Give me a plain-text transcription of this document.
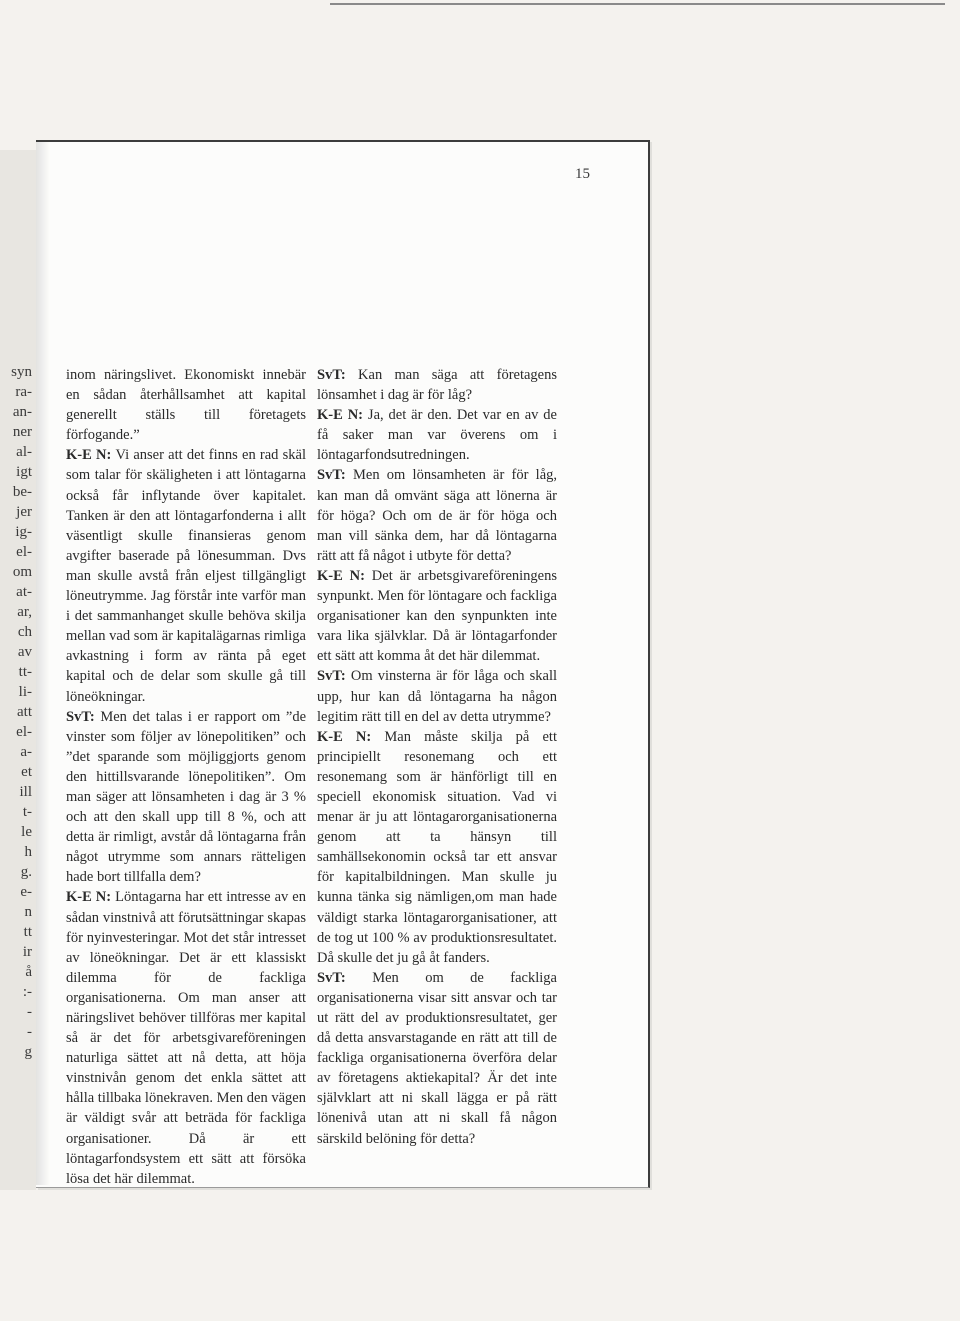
syn
ra-
an-
ner
al-
igt
be-
jer
ig-
el-
om
at-
ar,
ch
av
tt-
li-
att
el-
a-
et
ill
t-
le
h
g.
e-
n
tt
ir
å
:-
-
-
g
15

inom näringslivet. Ekonomiskt innebär en sådan återhållsamhet att kapital generellt ställs till företagets förfogande.”

K-E N: Vi anser att det finns en rad skäl som talar för skäligheten i att löntagarna också får inflytande över kapitalet. Tanken är den att löntagarfonderna i allt väsentligt skulle finansieras genom avgifter baserade på lönesumman. Dvs man skulle avstå från eljest tillgängligt löneutrymme. Jag förstår inte varför man i det sammanhanget skulle behöva skilja mellan vad som är kapitalägarnas rimliga avkastning i form av ränta på eget kapital och de delar som skulle gå till löneökningar.

SvT: Men det talas i er rapport om ”de vinster som följer av lönepolitiken” och ”det sparande som möjliggjorts genom den hittillsvarande lönepolitiken”. Om man säger att lönsamheten i dag är 3 % och att den skall upp till 8 %, och att detta är rimligt, avstår då löntagarna från något utrymme som annars rätteligen hade bort tillfalla dem?

K-E N: Löntagarna har ett intresse av en sådan vinstnivå att förutsättningar skapas för nyinvesteringar. Mot det står intresset av löneökningar. Det är ett klassiskt dilemma för de fackliga organisationerna. Om man anser att näringslivet behöver tillföras mer kapital så är det för arbetsgivareföreningen naturliga sättet att nå detta, att höja vinstnivån genom det enkla sättet att hålla tillbaka lönekraven. Men den vägen är väldigt svår att beträda för fackliga organisationer. Då är ett löntagarfondsystem ett sätt att försöka lösa det här dilemmat.

SvT: Kan man säga att företagens lönsamhet i dag är för låg?

K-E N: Ja, det är den. Det var en av de få saker man var överens om i löntagarfondsutredningen.

SvT: Men om lönsamheten är för låg, kan man då omvänt säga att lönerna är för höga? Och om de är för höga och man vill sänka dem, har då löntagarna rätt att få något i utbyte för detta?

K-E N: Det är arbetsgivareföreningens synpunkt. Men för löntagare och fackliga organisationer kan den synpunkten inte vara lika självklar. Då är löntagarfonder ett sätt att komma åt det här dilemmat.

SvT: Om vinsterna är för låga och skall upp, hur kan då löntagarna ha någon legitim rätt till en del av detta utrymme?

K-E N: Man måste skilja på ett principiellt resonemang och ett resonemang som är hänförligt till en speciell ekonomisk situation. Vad vi menar är ju att löntagarorganisationerna genom att ta hänsyn till samhällsekonomin också tar ett ansvar för kapitalbildningen. Man skulle ju kunna tänka sig nämligen,om man hade väldigt starka löntagarorganisationer, att de tog ut 100 % av produktionsresultatet. Då skulle det ju gå åt fanders.

SvT: Men om de fackliga organisationerna visar sitt ansvar och tar ut rätt del av produktionsresultatet, ger då detta ansvarstagande en rätt att till de fackliga organisationerna överföra delar av företagens aktiekapital? Är det inte självklart att ni skall lägga er på rätt lönenivå utan att ni skall få någon särskild belöning för detta?
